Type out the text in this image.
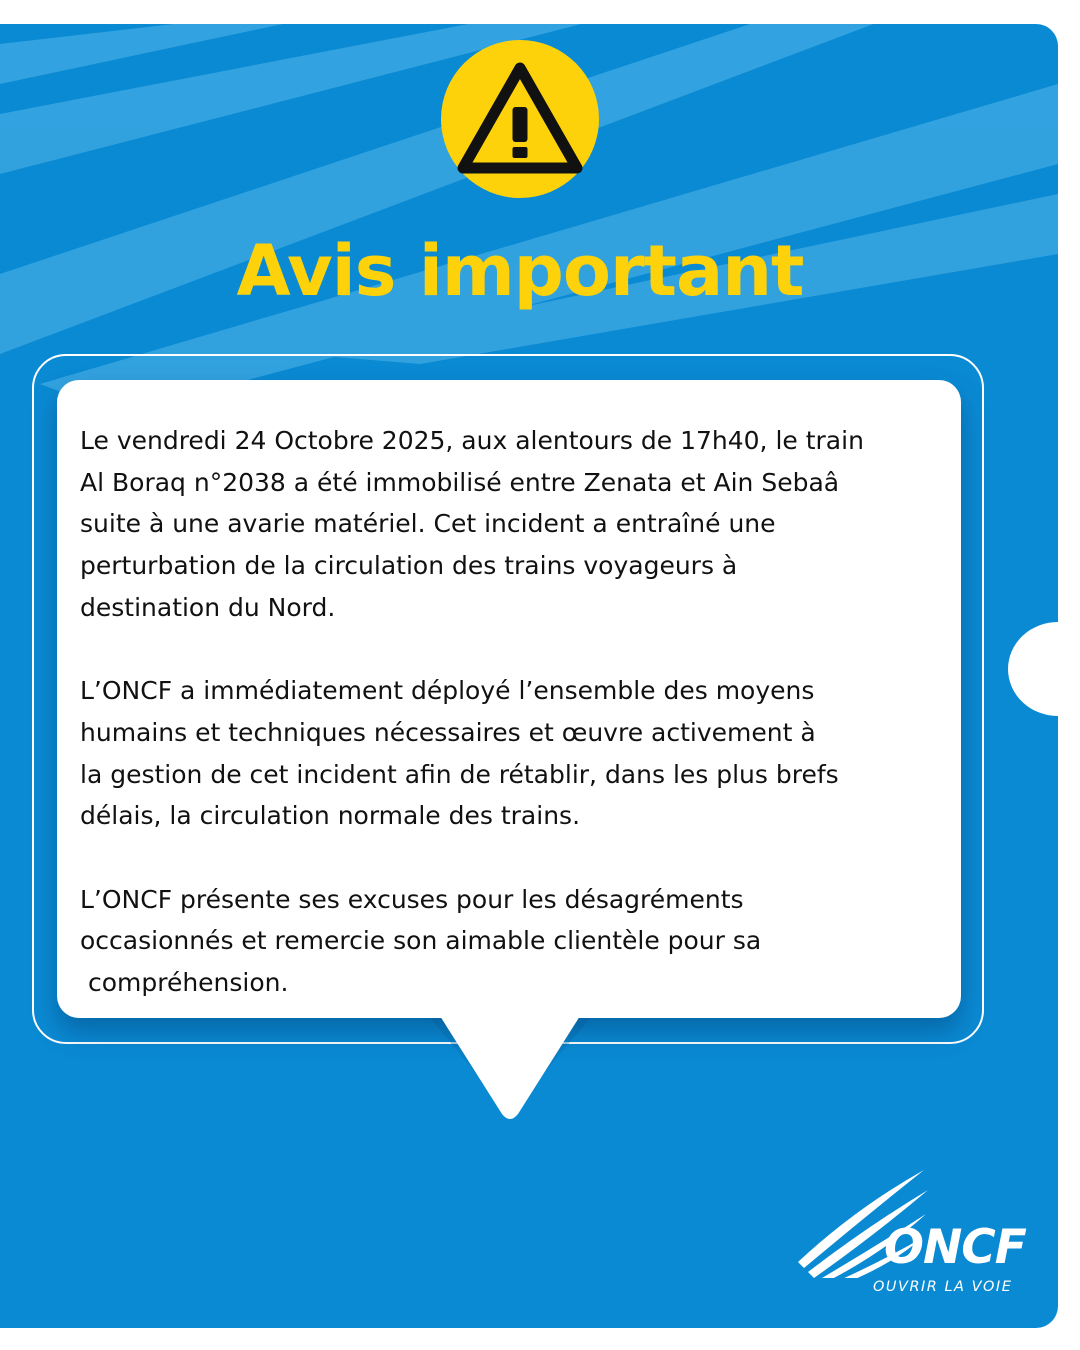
Avis important

Le vendredi 24 Octobre 2025, aux alentours de 17h40, le train
Al Boraq n°2038 a été immobilisé entre Zenata et Ain Sebaâ
suite à une avarie matériel. Cet incident a entraîné une
perturbation de la circulation des trains voyageurs à
destination du Nord.

L’ONCF a immédiatement déployé l’ensemble des moyens
humains et techniques nécessaires et œuvre activement à
la gestion de cet incident afin de rétablir, dans les plus brefs
délais, la circulation normale des trains.

L’ONCF présente ses excuses pour les désagréments
occasionnés et remercie son aimable clientèle pour sa
compréhension.

ONCF
OUVRIR LA VOIE
